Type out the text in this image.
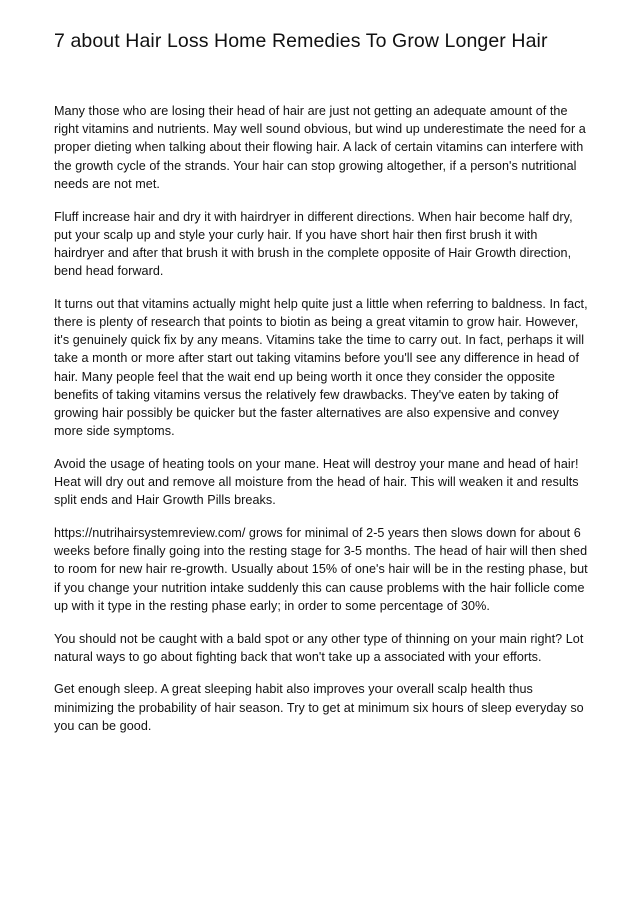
7 about Hair Loss Home Remedies To Grow Longer Hair

Many those who are losing their head of hair are just not getting an adequate amount of the right vitamins and nutrients. May well sound obvious, but wind up underestimate the need for a proper dieting when talking about their flowing hair. A lack of certain vitamins can interfere with the growth cycle of the strands. Your hair can stop growing altogether, if a person's nutritional needs are not met.

Fluff increase hair and dry it with hairdryer in different directions. When hair become half dry, put your scalp up and style your curly hair. If you have short hair then first brush it with hairdryer and after that brush it with brush in the complete opposite of Hair Growth direction, bend head forward.

It turns out that vitamins actually might help quite just a little when referring to baldness. In fact, there is plenty of research that points to biotin as being a great vitamin to grow hair. However, it's genuinely quick fix by any means. Vitamins take the time to carry out. In fact, perhaps it will take a month or more after start out taking vitamins before you'll see any difference in head of hair. Many people feel that the wait end up being worth it once they consider the opposite benefits of taking vitamins versus the relatively few drawbacks. They've eaten by taking of growing hair possibly be quicker but the faster alternatives are also expensive and convey more side symptoms.

Avoid the usage of heating tools on your mane. Heat will destroy your mane and head of hair! Heat will dry out and remove all moisture from the head of hair. This will weaken it and results split ends and Hair Growth Pills breaks.

https://nutrihairsystemreview.com/ grows for minimal of 2-5 years then slows down for about 6 weeks before finally going into the resting stage for 3-5 months. The head of hair will then shed to room for new hair re-growth. Usually about 15% of one's hair will be in the resting phase, but if you change your nutrition intake suddenly this can cause problems with the hair follicle come up with it type in the resting phase early; in order to some percentage of 30%.

You should not be caught with a bald spot or any other type of thinning on your main right? Lot natural ways to go about fighting back that won't take up a associated with your efforts.

Get enough sleep. A great sleeping habit also improves your overall scalp health thus minimizing the probability of hair season. Try to get at minimum six hours of sleep everyday so you can be good.
